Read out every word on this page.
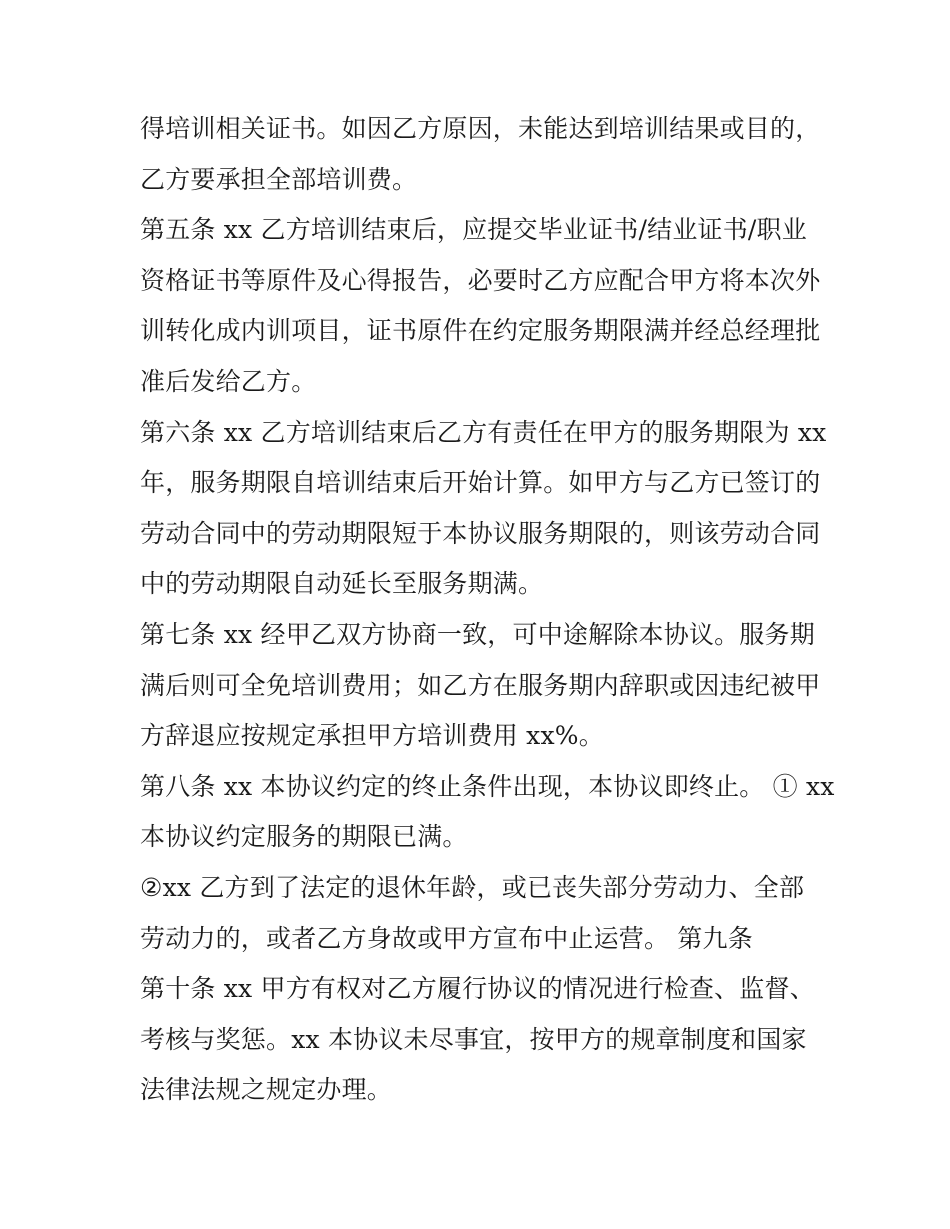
得培训相关证书。如因乙方原因，未能达到培训结果或目的，
乙方要承担全部培训费。
第五条 xx 乙方培训结束后，应提交毕业证书/结业证书/职业
资格证书等原件及心得报告，必要时乙方应配合甲方将本次外
训转化成内训项目，证书原件在约定服务期限满并经总经理批
准后发给乙方。
第六条 xx 乙方培训结束后乙方有责任在甲方的服务期限为 xx
年，服务期限自培训结束后开始计算。如甲方与乙方已签订的
劳动合同中的劳动期限短于本协议服务期限的，则该劳动合同
中的劳动期限自动延长至服务期满。
第七条 xx 经甲乙双方协商一致，可中途解除本协议。服务期
满后则可全免培训费用；如乙方在服务期内辞职或因违纪被甲
方辞退应按规定承担甲方培训费用 xx%。
第八条 xx 本协议约定的终止条件出现，本协议即终止。 ① xx
本协议约定服务的期限已满。
②xx 乙方到了法定的退休年龄，或已丧失部分劳动力、全部
劳动力的，或者乙方身故或甲方宣布中止运营。 第九条
第十条 xx 甲方有权对乙方履行协议的情况进行检查、监督、
考核与奖惩。xx 本协议未尽事宜，按甲方的规章制度和国家
法律法规之规定办理。
